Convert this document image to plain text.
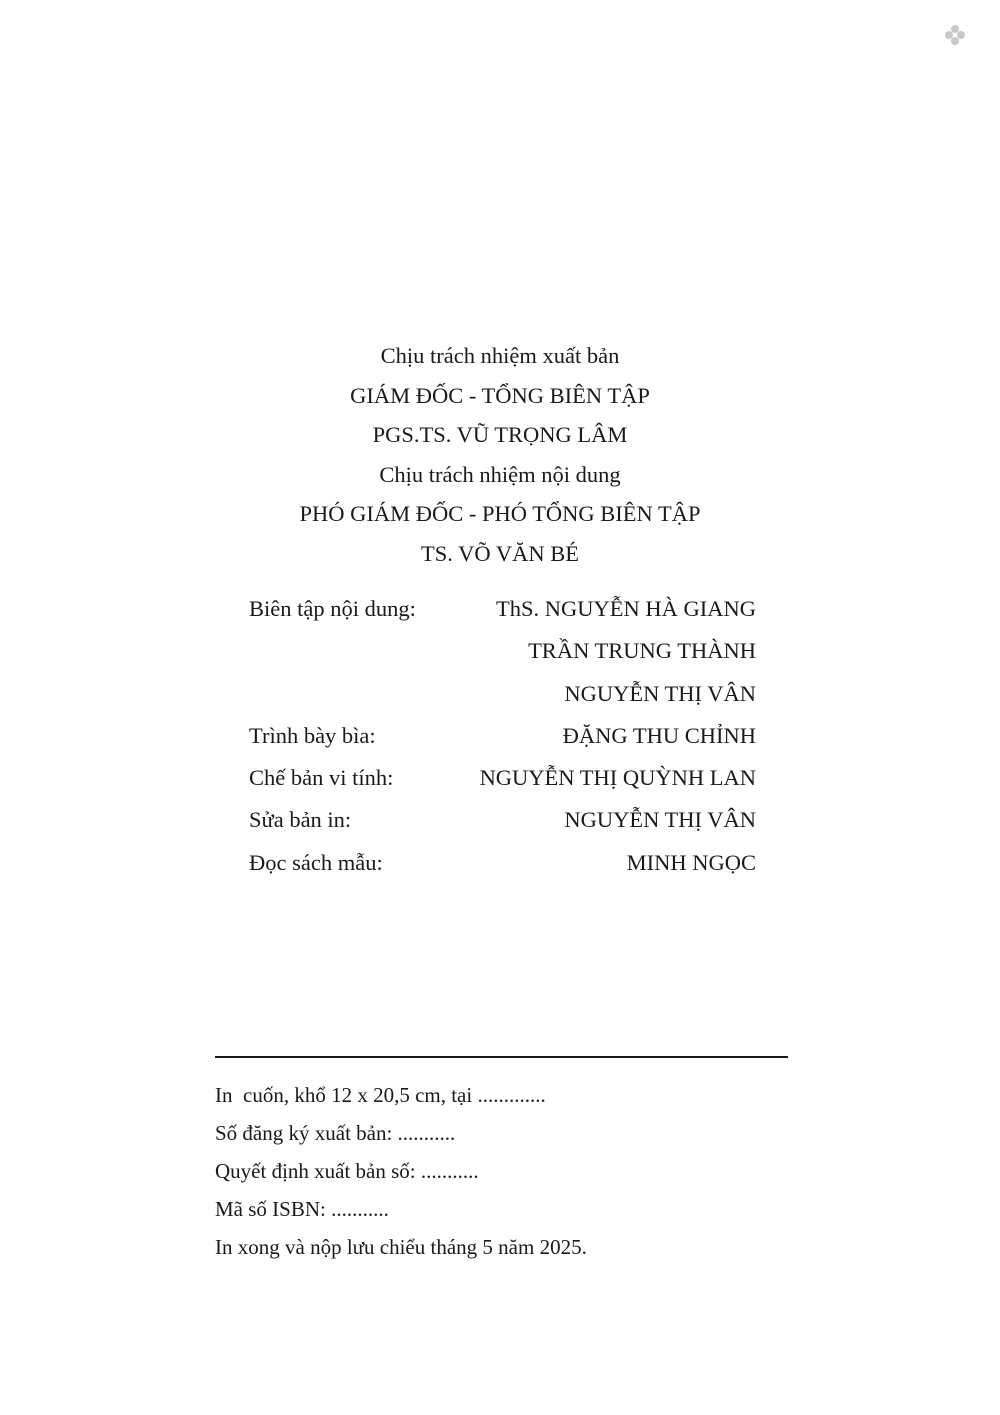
Chịu trách nhiệm xuất bản
GIÁM ĐỐC - TỔNG BIÊN TẬP
PGS.TS. VŨ TRỌNG LÂM
Chịu trách nhiệm nội dung
PHÓ GIÁM ĐỐC - PHÓ TỔNG BIÊN TẬP
TS. VÕ VĂN BÉ
Biên tập nội dung:	ThS. NGUYỄN HÀ GIANG
TRẦN TRUNG THÀNH
NGUYỄN THỊ VÂN
Trình bày bìa:	ĐẶNG THU CHỈNH
Chế bản vi tính:	NGUYỄN THỊ QUỲNH LAN
Sửa bản in:	NGUYỄN THỊ VÂN
Đọc sách mẫu:	MINH NGỌC
In  cuốn, khổ 12 x 20,5 cm, tại .............
Số đăng ký xuất bản: ...........
Quyết định xuất bản số: ...........
Mã số ISBN: ...........
In xong và nộp lưu chiểu tháng 5 năm 2025.
